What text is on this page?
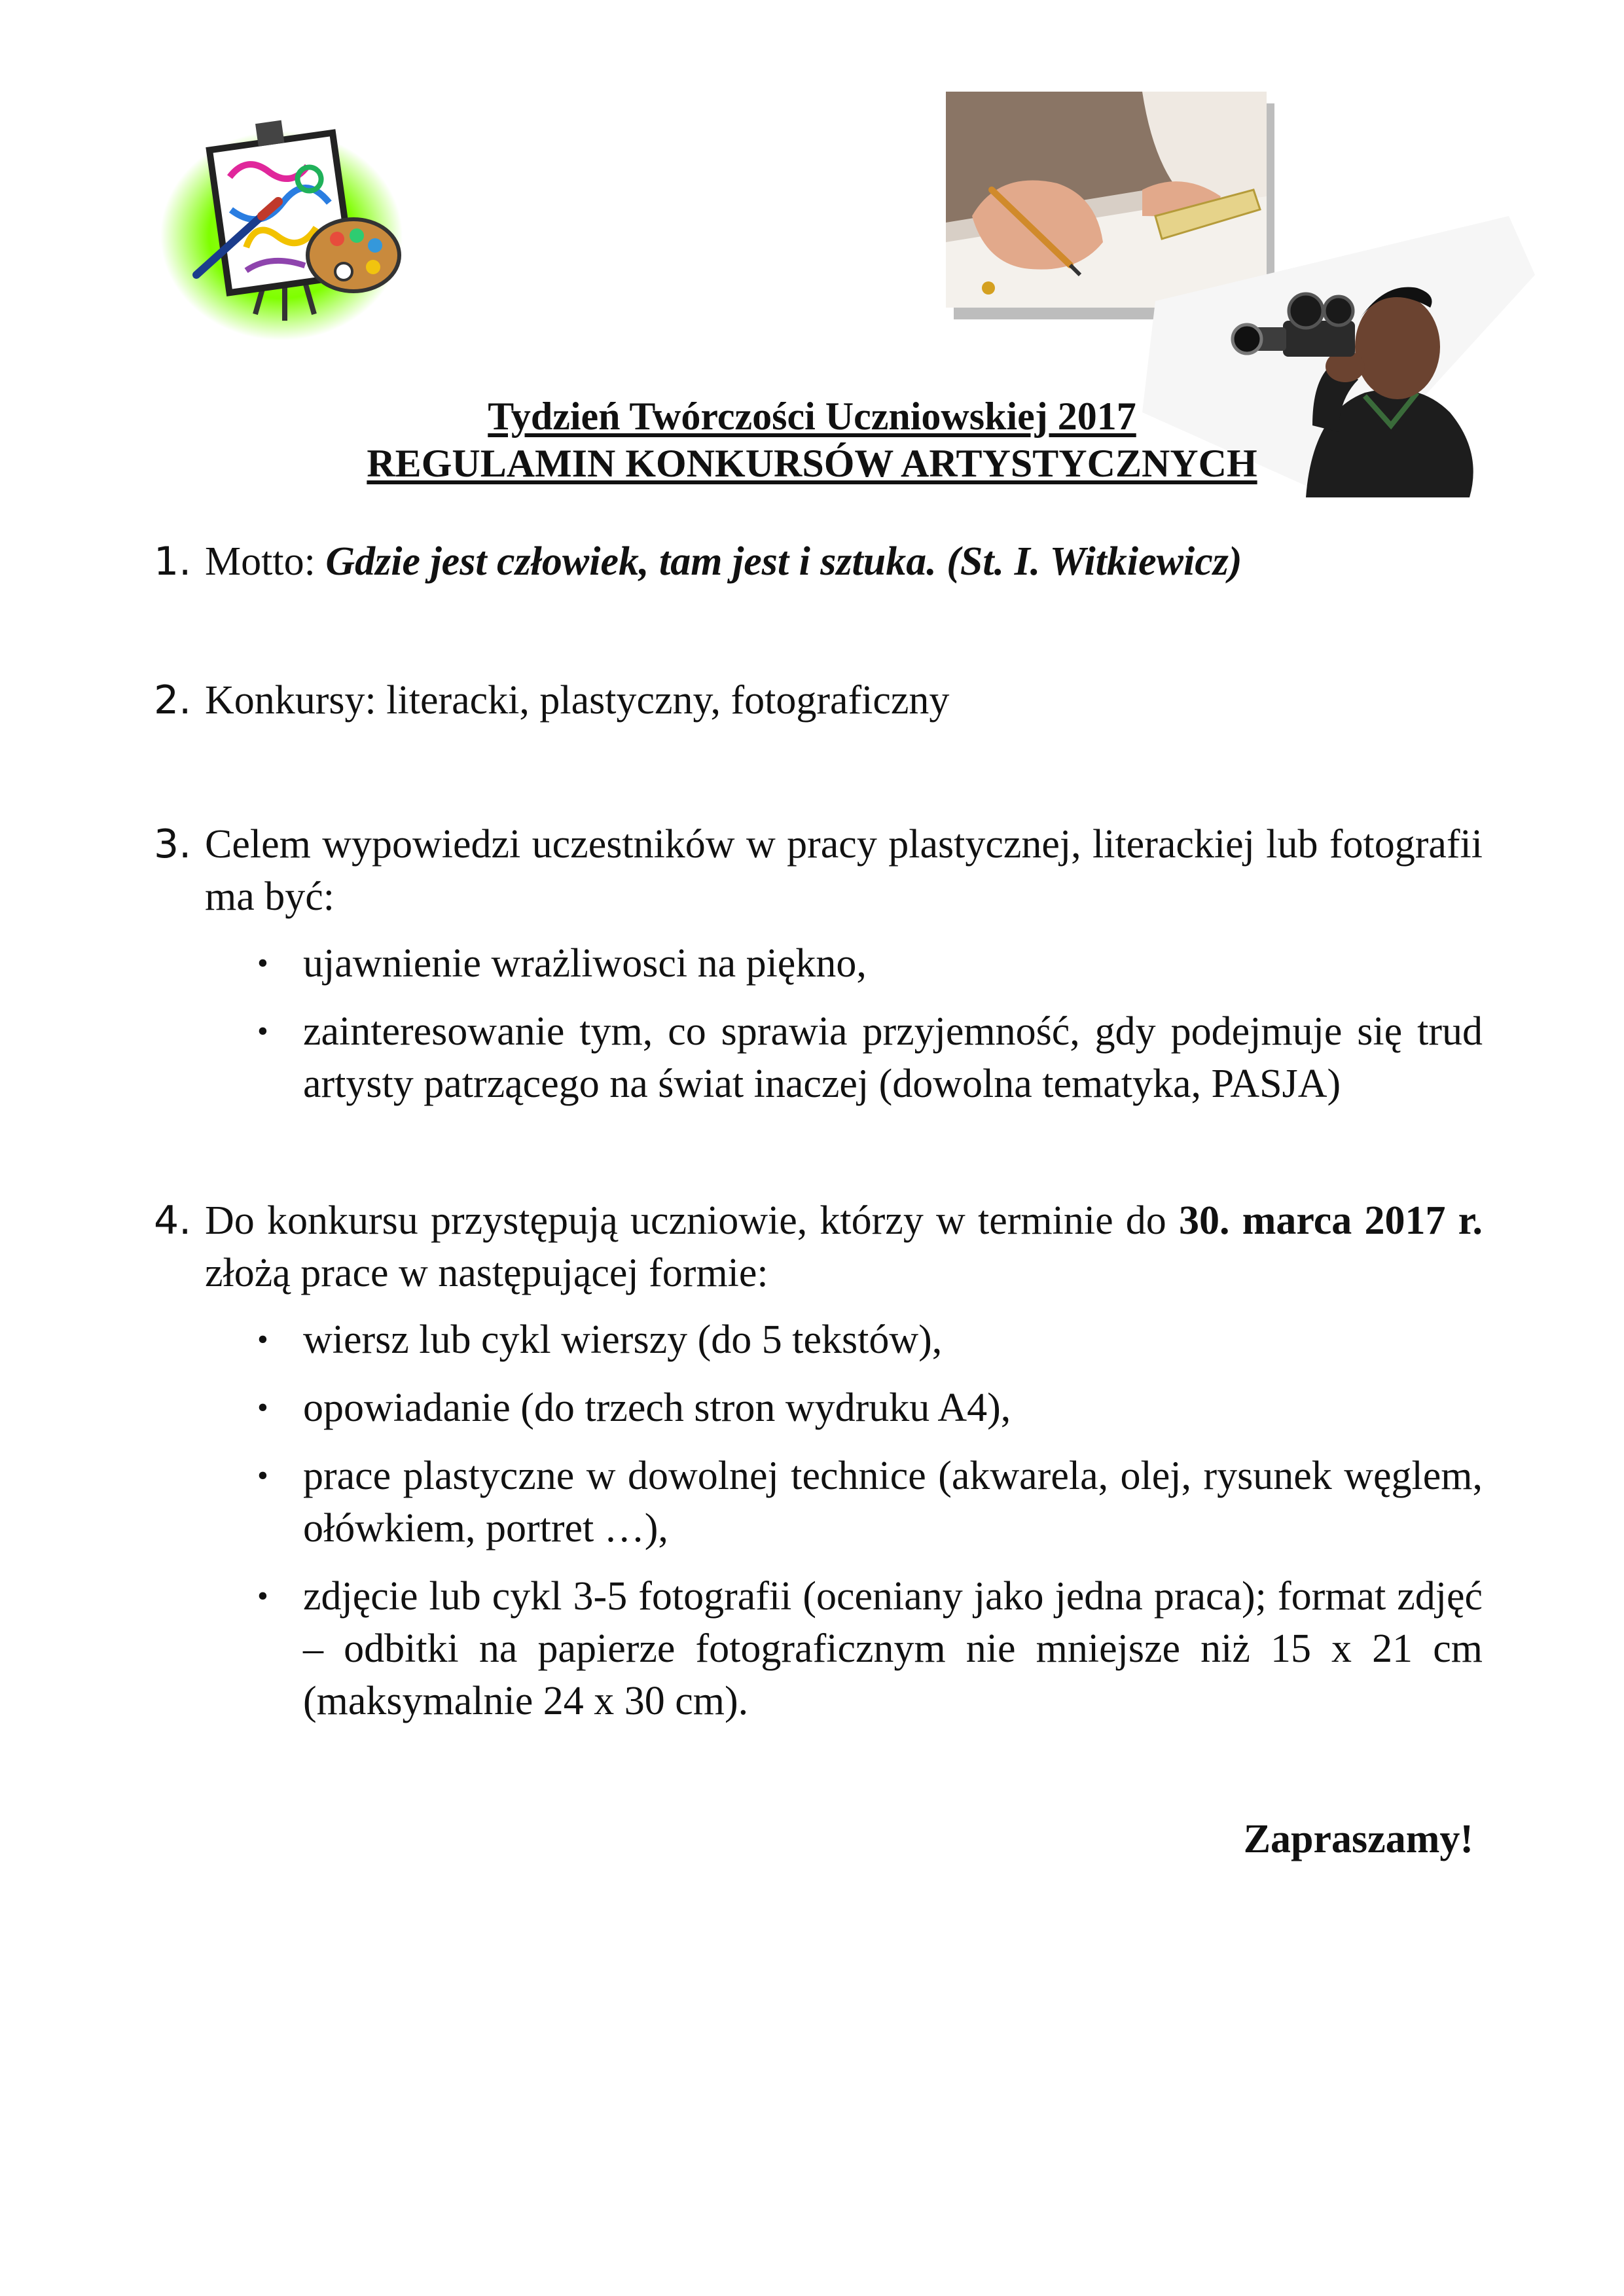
Tydzień Twórczości Uczniowskiej 2017
REGULAMIN KONKURSÓW ARTYSTYCZNYCH
1. Motto: Gdzie jest człowiek, tam jest i sztuka. (St. I. Witkiewicz)
2. Konkursy: literacki, plastyczny, fotograficzny
3. Celem wypowiedzi uczestników w pracy plastycznej, literackiej lub fotografii ma być:
• ujawnienie wrażliwosci na piękno,
• zainteresowanie tym, co sprawia przyjemność, gdy podejmuje się trud artysty patrzącego na świat inaczej (dowolna tematyka, PASJA)
4. Do konkursu przystępują uczniowie, którzy w terminie do 30. marca 2017 r. złożą prace w następującej formie:
• wiersz lub cykl wierszy (do 5 tekstów),
• opowiadanie (do trzech stron wydruku A4),
• prace plastyczne w dowolnej technice (akwarela, olej, rysunek węglem, ołówkiem, portret …),
• zdjęcie lub cykl 3-5 fotografii (oceniany jako jedna praca); format zdjęć – odbitki na papierze fotograficznym nie mniejsze niż 15 x 21 cm (maksymalnie 24 x 30 cm).
Zapraszamy!
